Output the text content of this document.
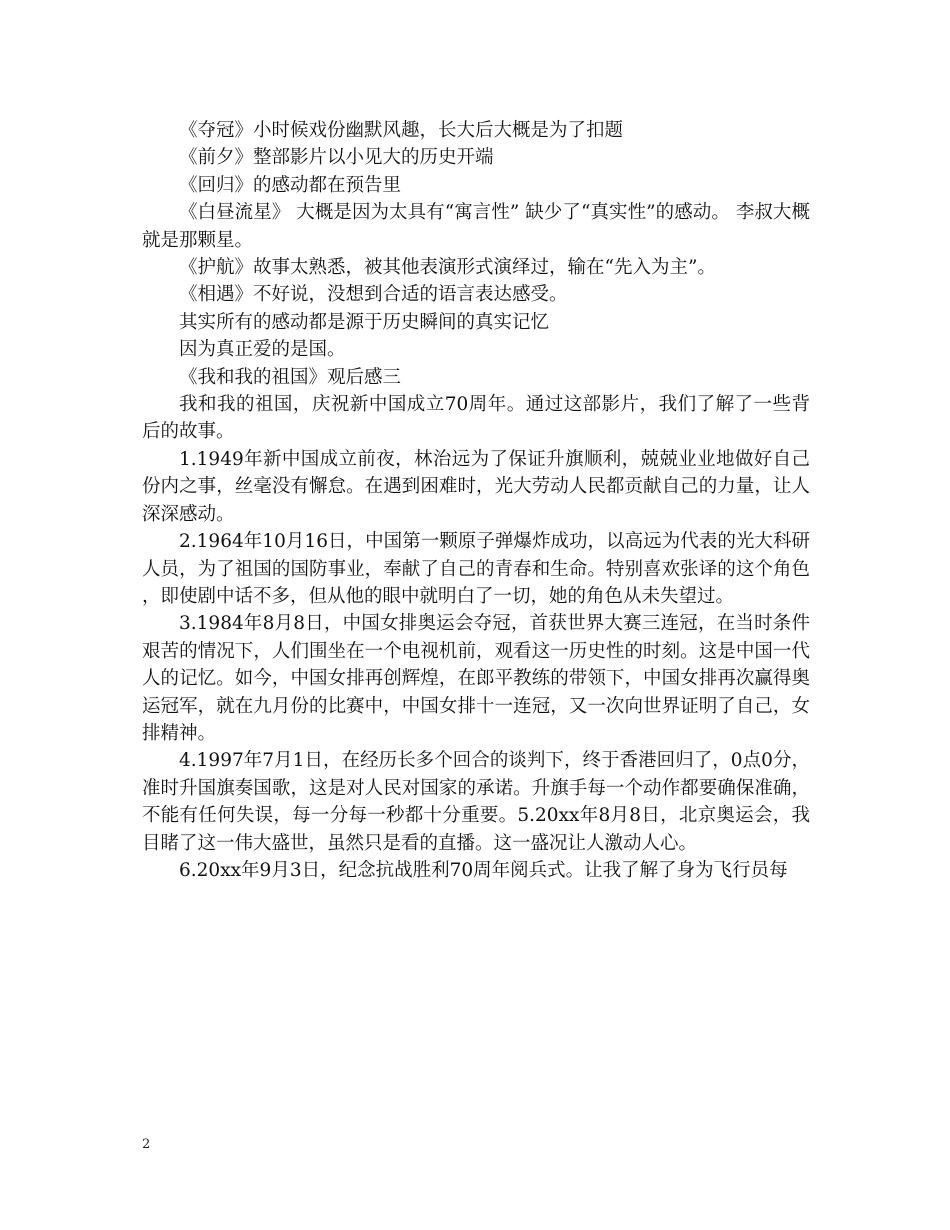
《夺冠》小时候戏份幽默风趣，长大后大概是为了扣题

《前夕》整部影片以小见大的历史开端

《回归》的感动都在预告里

《白昼流星》 大概是因为太具有“寓言性” 缺少了“真实性”的感动。 李叔大概就是那颗星。

《护航》故事太熟悉，被其他表演形式演绎过，输在“先入为主”。

《相遇》不好说，没想到合适的语言表达感受。

其实所有的感动都是源于历史瞬间的真实记忆

因为真正爱的是国。

《我和我的祖国》观后感三

我和我的祖国，庆祝新中国成立70周年。通过这部影片，我们了解了一些背后的故事。

1.1949年新中国成立前夜，林治远为了保证升旗顺利，兢兢业业地做好自己份内之事，丝毫没有懈怠。在遇到困难时，光大劳动人民都贡献自己的力量，让人深深感动。

2.1964年10月16日，中国第一颗原子弹爆炸成功，以高远为代表的光大科研人员，为了祖国的国防事业，奉献了自己的青春和生命。特别喜欢张译的这个角色，即使剧中话不多，但从他的眼中就明白了一切，她的角色从未失望过。

3.1984年8月8日，中国女排奥运会夺冠，首获世界大赛三连冠，在当时条件艰苦的情况下，人们围坐在一个电视机前，观看这一历史性的时刻。这是中国一代人的记忆。如今，中国女排再创辉煌，在郎平教练的带领下，中国女排再次赢得奥运冠军，就在九月份的比赛中，中国女排十一连冠，又一次向世界证明了自己，女排精神。

4.1997年7月1日，在经历长多个回合的谈判下，终于香港回归了，0点0分，准时升国旗奏国歌，这是对人民对国家的承诺。升旗手每一个动作都要确保准确，不能有任何失误，每一分每一秒都十分重要。5.20xx年8月8日，北京奥运会，我目睹了这一伟大盛世，虽然只是看的直播。这一盛况让人激动人心。

6.20xx年9月3日，纪念抗战胜利70周年阅兵式。让我了解了身为飞行员每

2
